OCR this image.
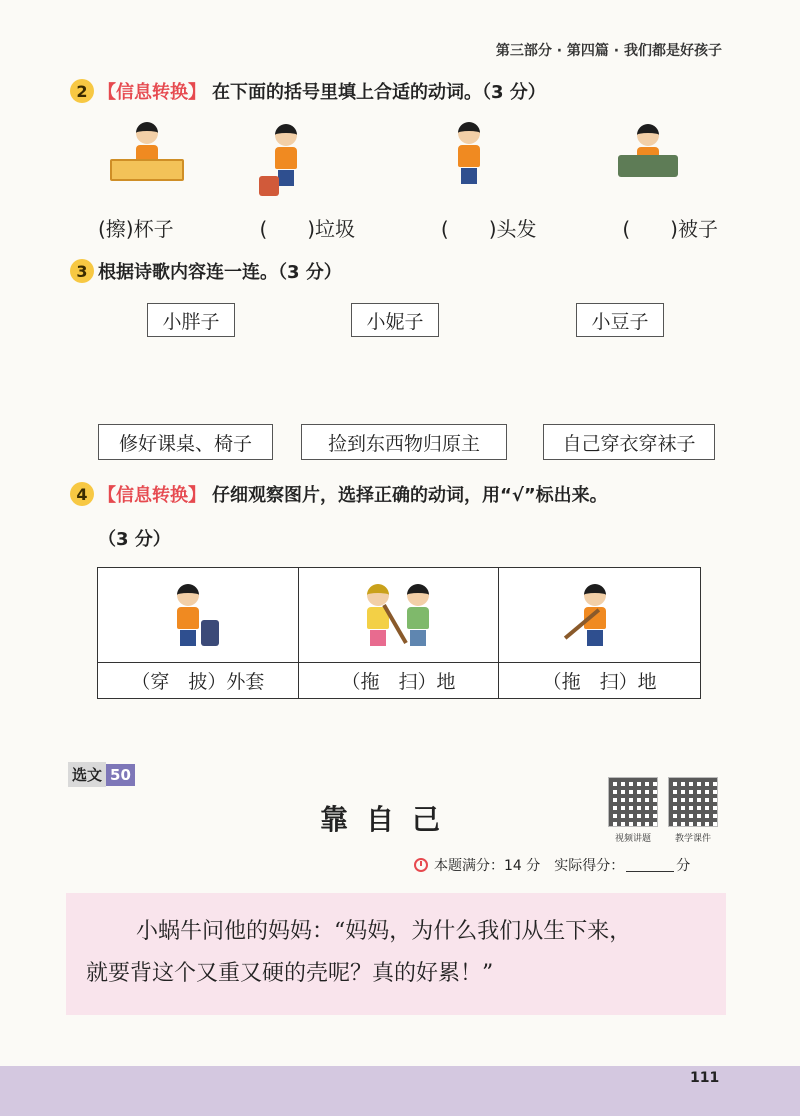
第三部分 · 第四篇 · 我们都是好孩子
2 【信息转换】 在下面的括号里填上合适的动词。（3 分）
(擦)杯子	(　　)垃圾	(　　)头发	(　　)被子
3 根据诗歌内容连一连。（3 分）
小胖子	小妮子	小豆子
修好课桌、椅子	捡到东西物归原主	自己穿衣穿袜子
4 【信息转换】 仔细观察图片，选择正确的动词，用“√”标出来。
（3 分）
（穿　披）外套	（拖　扫）地	（拖　扫）地
选文 50
靠自己
视频讲题	教学课件
本题满分：14 分 实际得分：	分

小蜗牛问他的妈妈：“妈妈，为什么我们从生下来，

就要背这个又重又硬的壳呢？真的好累！”

111
